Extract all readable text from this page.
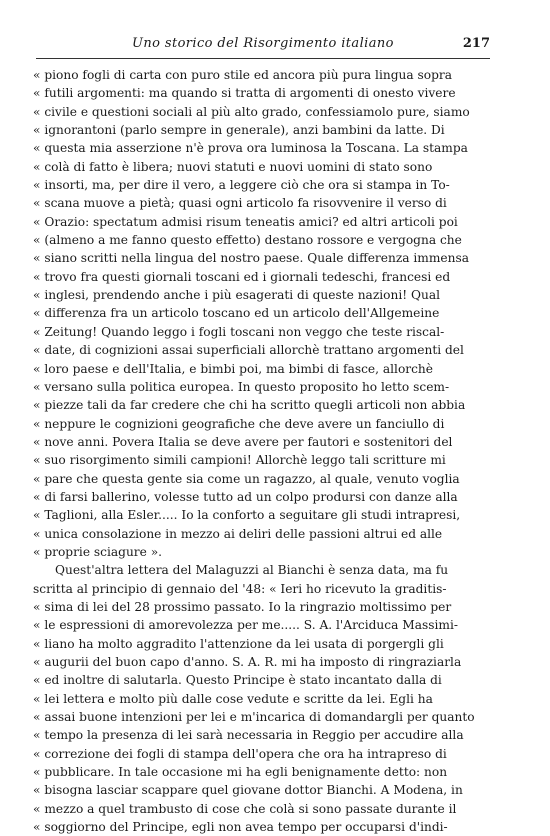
Uno storico del Risorgimento italiano	217
« piono fogli di carta con puro stile ed ancora più pura lingua sopra
« futili argomenti: ma quando si tratta di argomenti di onesto vivere
« civile e questioni sociali al più alto grado, confessiamolo pure, siamo
« ignorantoni (parlo sempre in generale), anzi bambini da latte. Di
« questa mia asserzione n'è prova ora luminosa la Toscana. La stampa
« colà di fatto è libera; nuovi statuti e nuovi uomini di stato sono
« insorti, ma, per dire il vero, a leggere ciò che ora si stampa in To-
« scana muove a pietà; quasi ogni articolo fa risovvenire il verso di
« Orazio: spectatum admisi risum teneatis amici? ed altri articoli poi
« (almeno a me fanno questo effetto) destano rossore e vergogna che
« siano scritti nella lingua del nostro paese. Quale differenza immensa
« trovo fra questi giornali toscani ed i giornali tedeschi, francesi ed
« inglesi, prendendo anche i più esagerati di queste nazioni! Qual
« differenza fra un articolo toscano ed un articolo dell'Allgemeine
« Zeitung! Quando leggo i fogli toscani non veggo che teste riscal-
« date, di cognizioni assai superficiali allorchè trattano argomenti del
« loro paese e dell'Italia, e bimbi poi, ma bimbi di fasce, allorchè
« versano sulla politica europea. In questo proposito ho letto scem-
« piezze tali da far credere che chi ha scritto quegli articoli non abbia
« neppure le cognizioni geografiche che deve avere un fanciullo di
« nove anni. Povera Italia se deve avere per fautori e sostenitori del
« suo risorgimento simili campioni! Allorchè leggo tali scritture mi
« pare che questa gente sia come un ragazzo, al quale, venuto voglia
« di farsi ballerino, volesse tutto ad un colpo prodursi con danze alla
« Taglioni, alla Esler..... Io la conforto a seguitare gli studi intrapresi,
« unica consolazione in mezzo ai deliri delle passioni altrui ed alle
« proprie sciagure ».
Quest'altra lettera del Malaguzzi al Bianchi è senza data, ma fu
scritta al principio di gennaio del '48: « Ieri ho ricevuto la graditis-
« sima di lei del 28 prossimo passato. Io la ringrazio moltissimo per
« le espressioni di amorevolezza per me..... S. A. l'Arciduca Massimi-
« liano ha molto aggradito l'attenzione da lei usata di porgergli gli
« augurii del buon capo d'anno. S. A. R. mi ha imposto di ringraziarla
« ed inoltre di salutarla. Questo Principe è stato incantato dalla di
« lei lettera e molto più dalle cose vedute e scritte da lei. Egli ha
« assai buone intenzioni per lei e m'incarica di domandargli per quanto
« tempo la presenza di lei sarà necessaria in Reggio per accudire alla
« correzione dei fogli di stampa dell'opera che ora ha intrapreso di
« pubblicare. In tale occasione mi ha egli benignamente detto: non
« bisogna lasciar scappare quel giovane dottor Bianchi. A Modena, in
« mezzo a quel trambusto di cose che colà si sono passate durante il
« soggiorno del Principe, egli non avea tempo per occuparsi d'indi-
